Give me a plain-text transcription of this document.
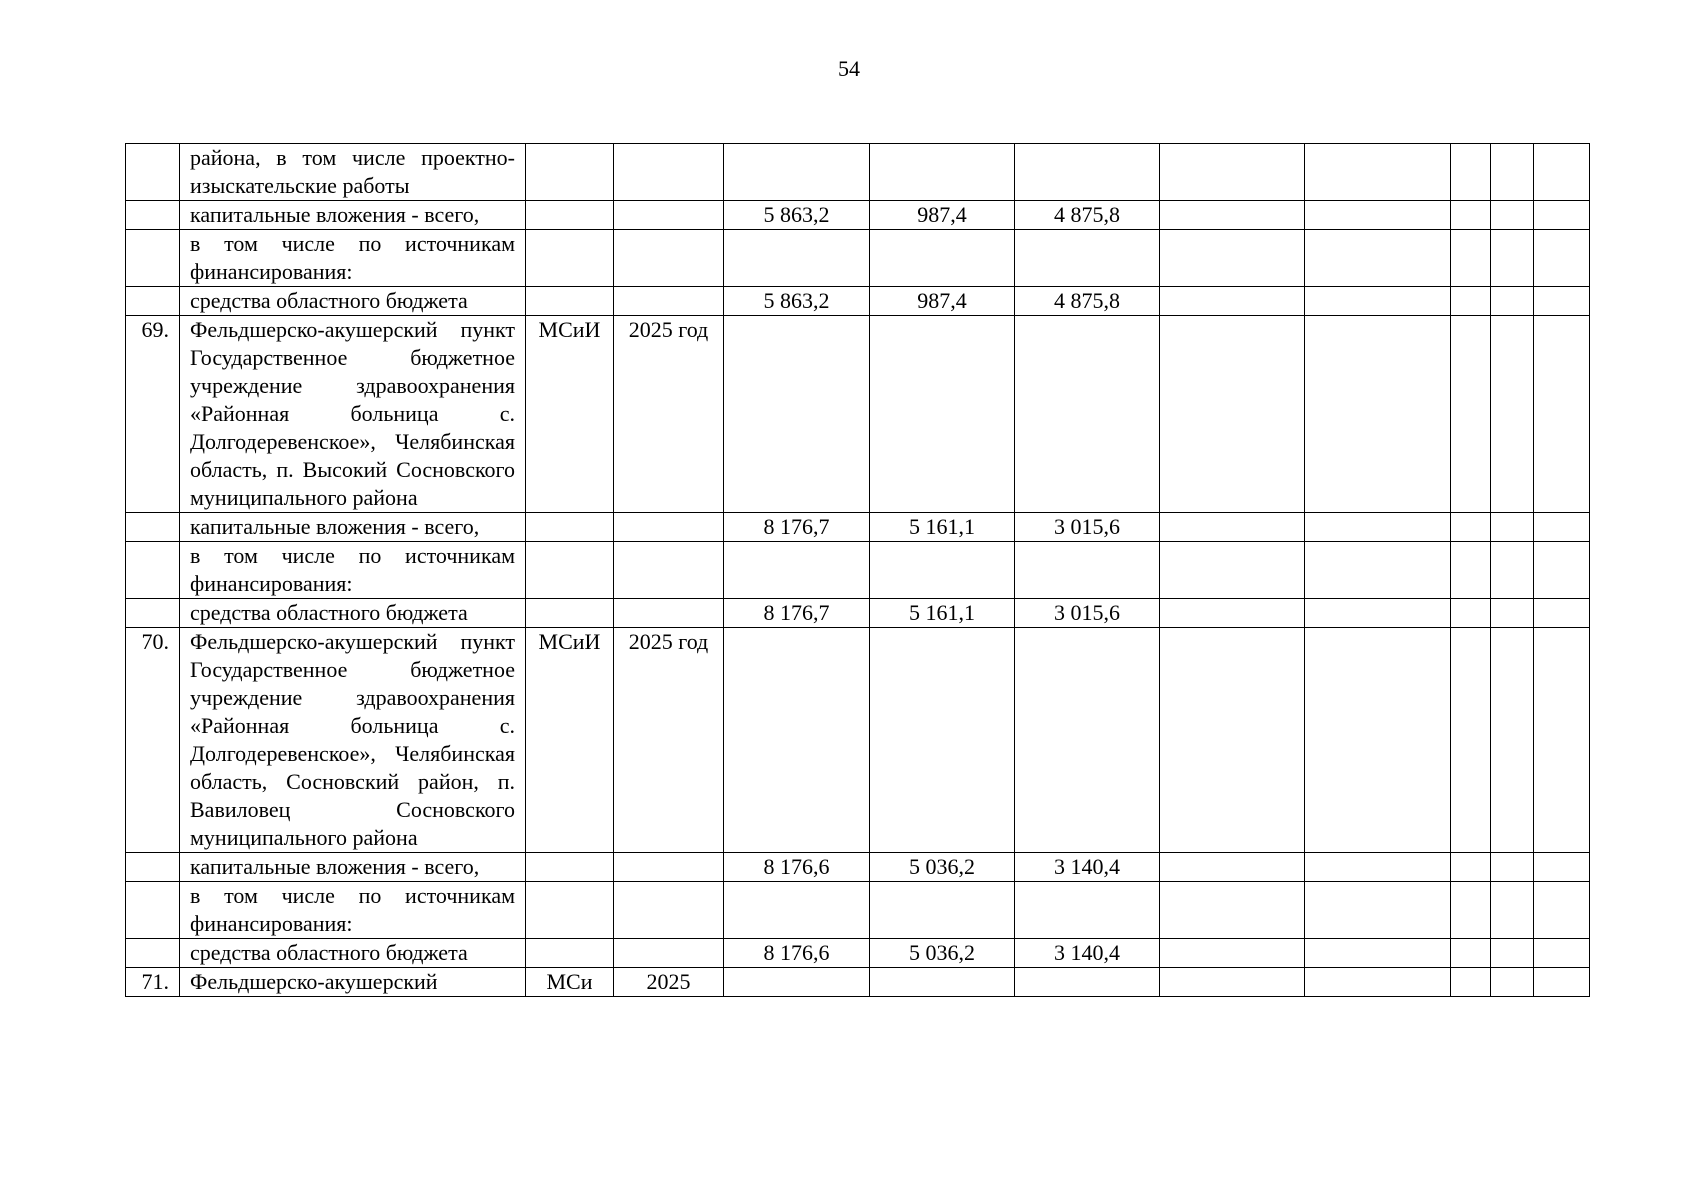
54
	района, в том числе проектно-изыскательские работы										
	капитальные вложения - всего,			5 863,2	987,4	4 875,8					
	в том числе по источникам финансирования:										
	средства областного бюджета			5 863,2	987,4	4 875,8					
69.	Фельдшерско-акушерский пункт Государственное бюджетное учреждение здравоохранения «Районная больница с. Долгодеревенское», Челябинская область, п. Высокий Сосновского муниципального района	МСиИ	2025 год								
	капитальные вложения - всего,			8 176,7	5 161,1	3 015,6					
	в том числе по источникам финансирования:										
	средства областного бюджета			8 176,7	5 161,1	3 015,6					
70.	Фельдшерско-акушерский пункт Государственное бюджетное учреждение здравоохранения «Районная больница с. Долгодеревенское», Челябинская область, Сосновский район, п. Вавиловец Сосновского муниципального района	МСиИ	2025 год								
	капитальные вложения - всего,			8 176,6	5 036,2	3 140,4					
	в том числе по источникам финансирования:										
	средства областного бюджета			8 176,6	5 036,2	3 140,4					
71.	Фельдшерско-акушерский	МСи	2025								
